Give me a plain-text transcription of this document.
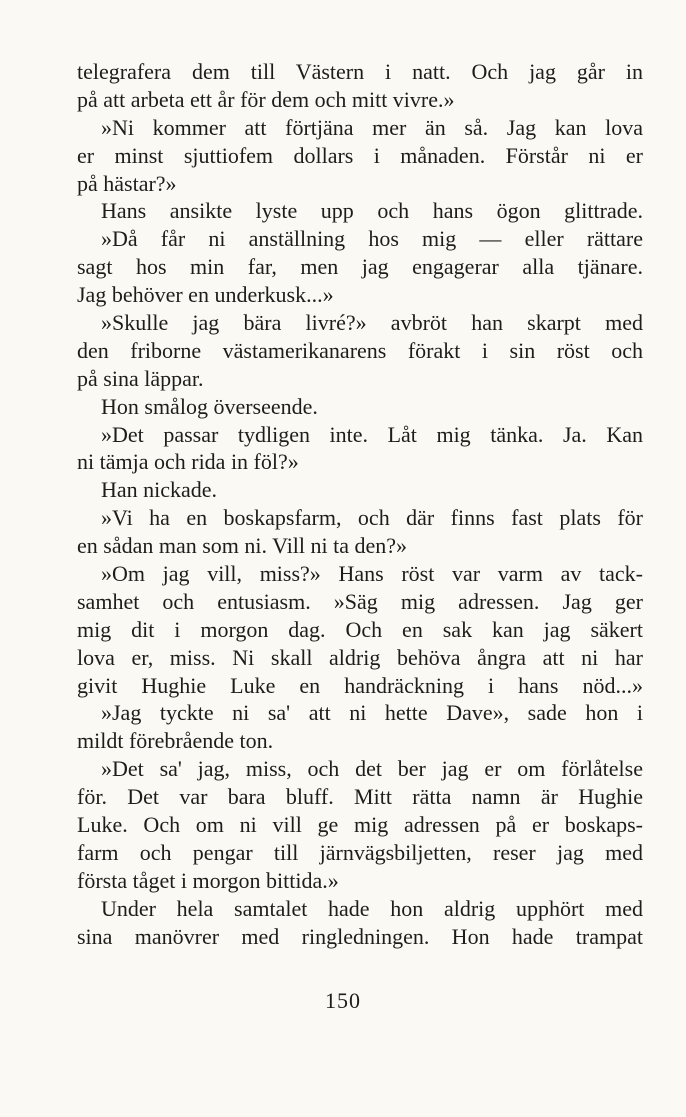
telegrafera dem till Västern i natt. Och jag går in
på att arbeta ett år för dem och mitt vivre.»
»Ni kommer att förtjäna mer än så. Jag kan lova
er minst sjuttiofem dollars i månaden. Förstår ni er
på hästar?»
Hans ansikte lyste upp och hans ögon glittrade.
»Då får ni anställning hos mig — eller rättare
sagt hos min far, men jag engagerar alla tjänare.
Jag behöver en underkusk...»
»Skulle jag bära livré?» avbröt han skarpt med
den friborne västamerikanarens förakt i sin röst och
på sina läppar.
Hon smålog överseende.
»Det passar tydligen inte. Låt mig tänka. Ja. Kan
ni tämja och rida in föl?»
Han nickade.
»Vi ha en boskapsfarm, och där finns fast plats för
en sådan man som ni. Vill ni ta den?»
»Om jag vill, miss?» Hans röst var varm av tack-
samhet och entusiasm. »Säg mig adressen. Jag ger
mig dit i morgon dag. Och en sak kan jag säkert
lova er, miss. Ni skall aldrig behöva ångra att ni har
givit Hughie Luke en handräckning i hans nöd...»
»Jag tyckte ni sa' att ni hette Dave», sade hon i
mildt förebrående ton.
»Det sa' jag, miss, och det ber jag er om förlåtelse
för. Det var bara bluff. Mitt rätta namn är Hughie
Luke. Och om ni vill ge mig adressen på er boskaps-
farm och pengar till järnvägsbiljetten, reser jag med
första tåget i morgon bittida.»
Under hela samtalet hade hon aldrig upphört med
sina manövrer med ringledningen. Hon hade trampat
150
